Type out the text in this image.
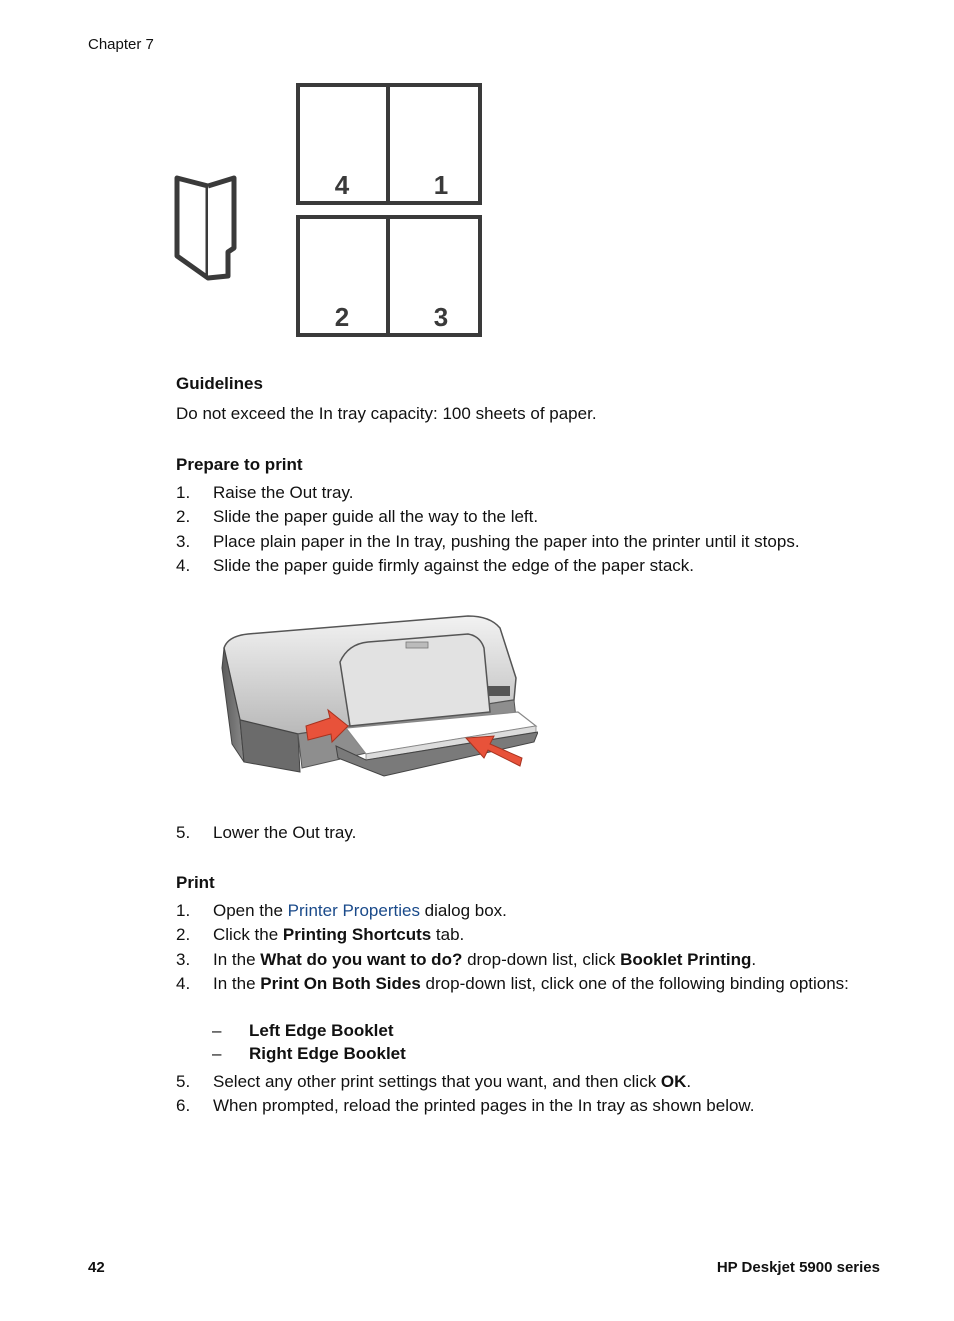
Chapter 7
4	1
2	3
Guidelines
Do not exceed the In tray capacity: 100 sheets of paper.
Prepare to print
1. Raise the Out tray.
2. Slide the paper guide all the way to the left.
3. Place plain paper in the In tray, pushing the paper into the printer until it stops.
4. Slide the paper guide firmly against the edge of the paper stack.
5. Lower the Out tray.
Print
1. Open the Printer Properties dialog box.
2. Click the Printing Shortcuts tab.
3. In the What do you want to do? drop-down list, click Booklet Printing.
4. In the Print On Both Sides drop-down list, click one of the following binding options:
– Left Edge Booklet
– Right Edge Booklet
5. Select any other print settings that you want, and then click OK.
6. When prompted, reload the printed pages in the In tray as shown below.
42	HP Deskjet 5900 series
